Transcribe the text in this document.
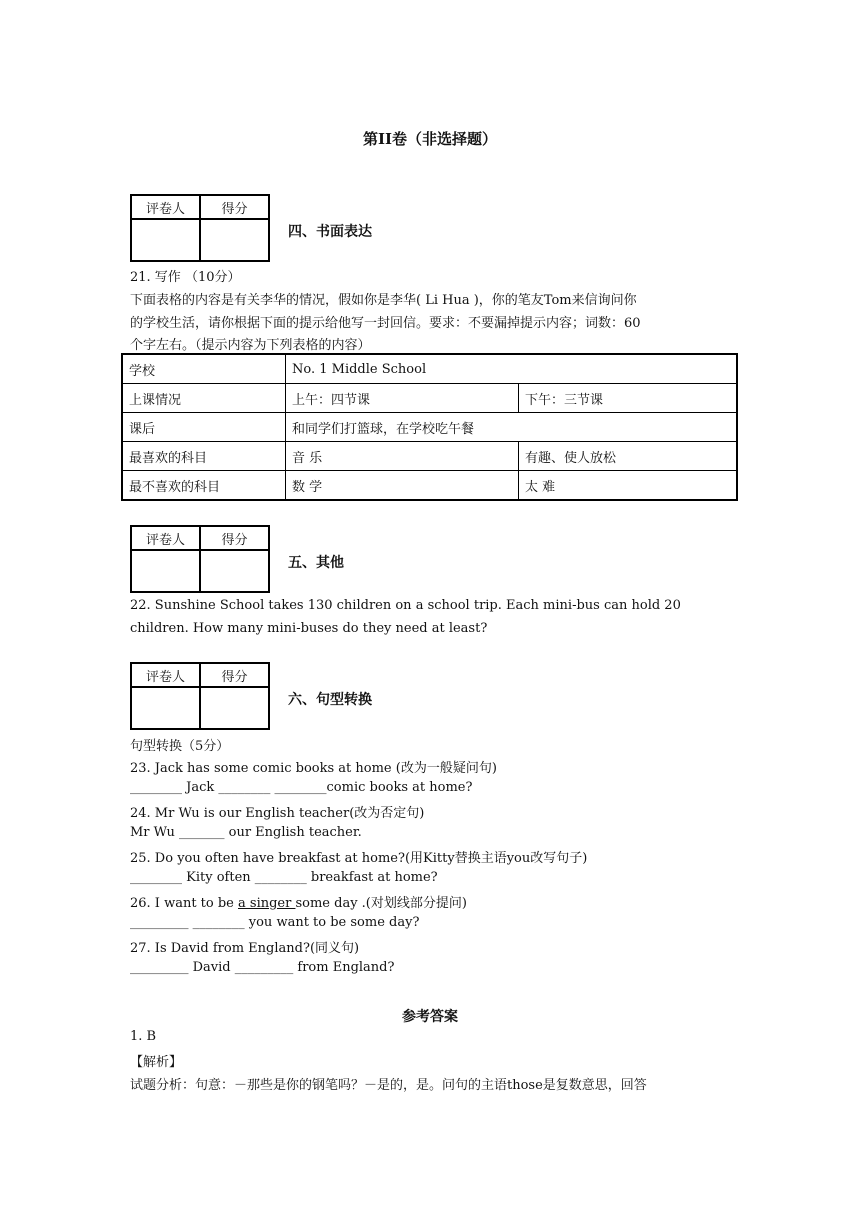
第II卷（非选择题）
评卷人	得分

四、书面表达
21. 写作 （10分）
下面表格的内容是有关李华的情况，假如你是李华( Li Hua )，你的笔友Tom来信询问你
的学校生活，请你根据下面的提示给他写一封回信。要求：不要漏掉提示内容；词数：60
个字左右。（提示内容为下列表格的内容）
学校	No. 1 Middle School	
上课情况	上午：四节课	下午：三节课
课后	和同学们打篮球，在学校吃午餐	
最喜欢的科目	音 乐	有趣、使人放松
最不喜欢的科目	数 学	太 难
评卷人	得分

五、其他
22. Sunshine School takes 130 children on a school trip. Each mini-bus can hold 20
children. How many mini-buses do they need at least?
评卷人	得分

六、句型转换
句型转换（5分）
23. Jack has some comic books at home (改为一般疑问句)
________ Jack ________ ________comic books at home?
24. Mr Wu is our English teacher(改为否定句)
Mr Wu _______ our English teacher.
25. Do you often have breakfast at home?(用Kitty替换主语you改写句子)
________ Kity often ________ breakfast at home?
26. I want to be a singer some day .(对划线部分提问)
_________ ________ you want to be some day?
27. Is David from England?(同义句)
_________ David _________ from England?
参考答案
1. B
【解析】
试题分析：句意：－那些是你的钢笔吗？－是的，是。问句的主语those是复数意思，回答
